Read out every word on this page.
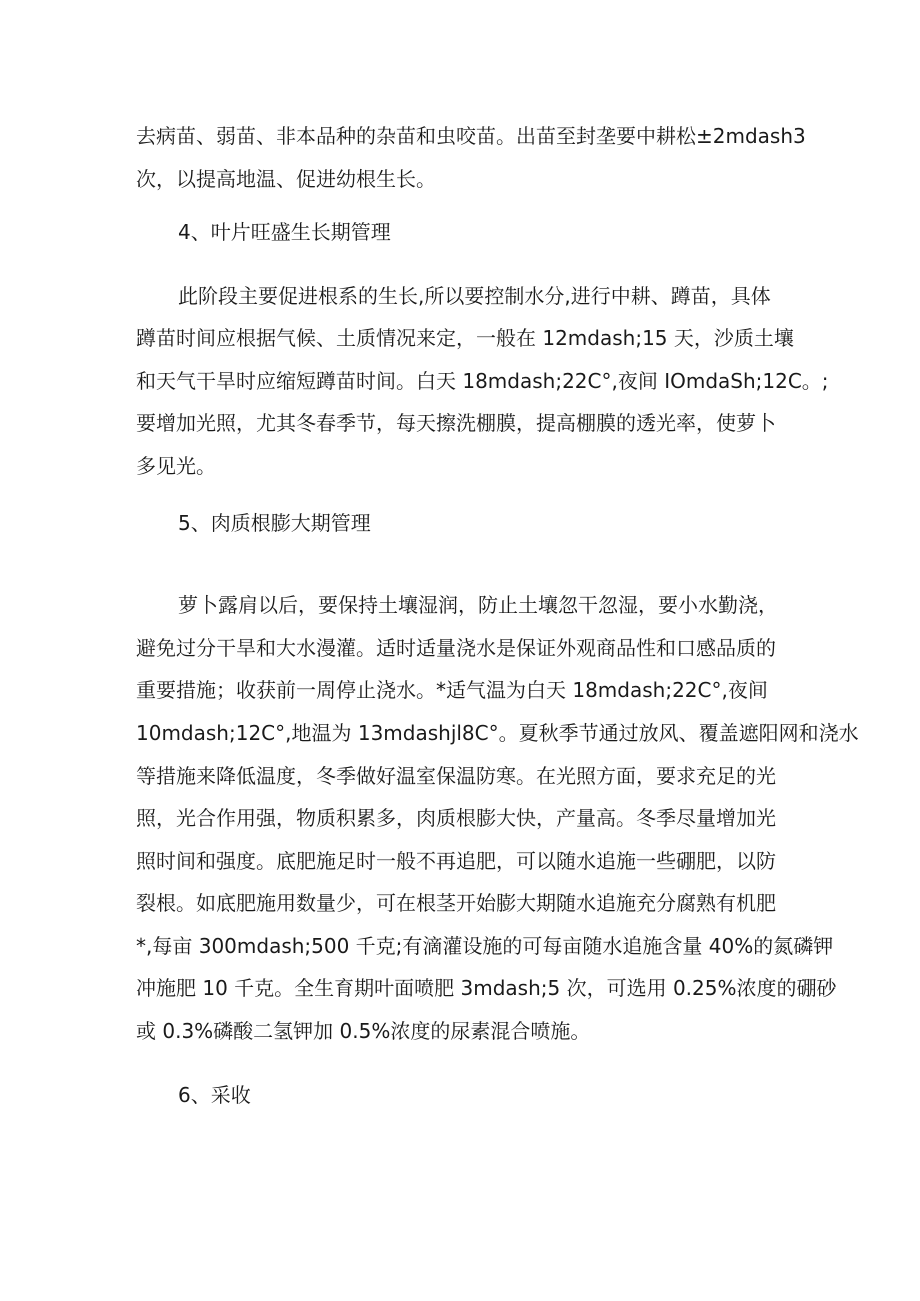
去病苗、弱苗、非本品种的杂苗和虫咬苗。出苗至封垄要中耕松±2mdash3
次，以提高地温、促进幼根生长。
4、叶片旺盛生长期管理
此阶段主要促进根系的生长,所以要控制水分,进行中耕、蹲苗，具体
蹲苗时间应根据气候、土质情况来定，一般在 12mdash;15 天，沙质土壤
和天气干旱时应缩短蹲苗时间。白天 18mdash;22C°,夜间 IOmdaSh;12C。;
要增加光照，尤其冬春季节，每天擦洗棚膜，提高棚膜的透光率，使萝卜
多见光。
5、肉质根膨大期管理
萝卜露肩以后，要保持土壤湿润，防止土壤忽干忽湿，要小水勤浇，
避免过分干旱和大水漫灌。适时适量浇水是保证外观商品性和口感品质的
重要措施；收获前一周停止浇水。*适气温为白天 18mdash;22C°,夜间
10mdash;12C°,地温为 13mdashjl8C°。夏秋季节通过放风、覆盖遮阳网和浇水
等措施来降低温度，冬季做好温室保温防寒。在光照方面，要求充足的光
照，光合作用强，物质积累多，肉质根膨大快，产量高。冬季尽量增加光
照时间和强度。底肥施足时一般不再追肥，可以随水追施一些硼肥，以防
裂根。如底肥施用数量少，可在根茎开始膨大期随水追施充分腐熟有机肥
*,每亩 300mdash;500 千克;有滴灌设施的可每亩随水追施含量 40%的氮磷钾
冲施肥 10 千克。全生育期叶面喷肥 3mdash;5 次，可选用 0.25%浓度的硼砂
或 0.3%磷酸二氢钾加 0.5%浓度的尿素混合喷施。
6、采收
